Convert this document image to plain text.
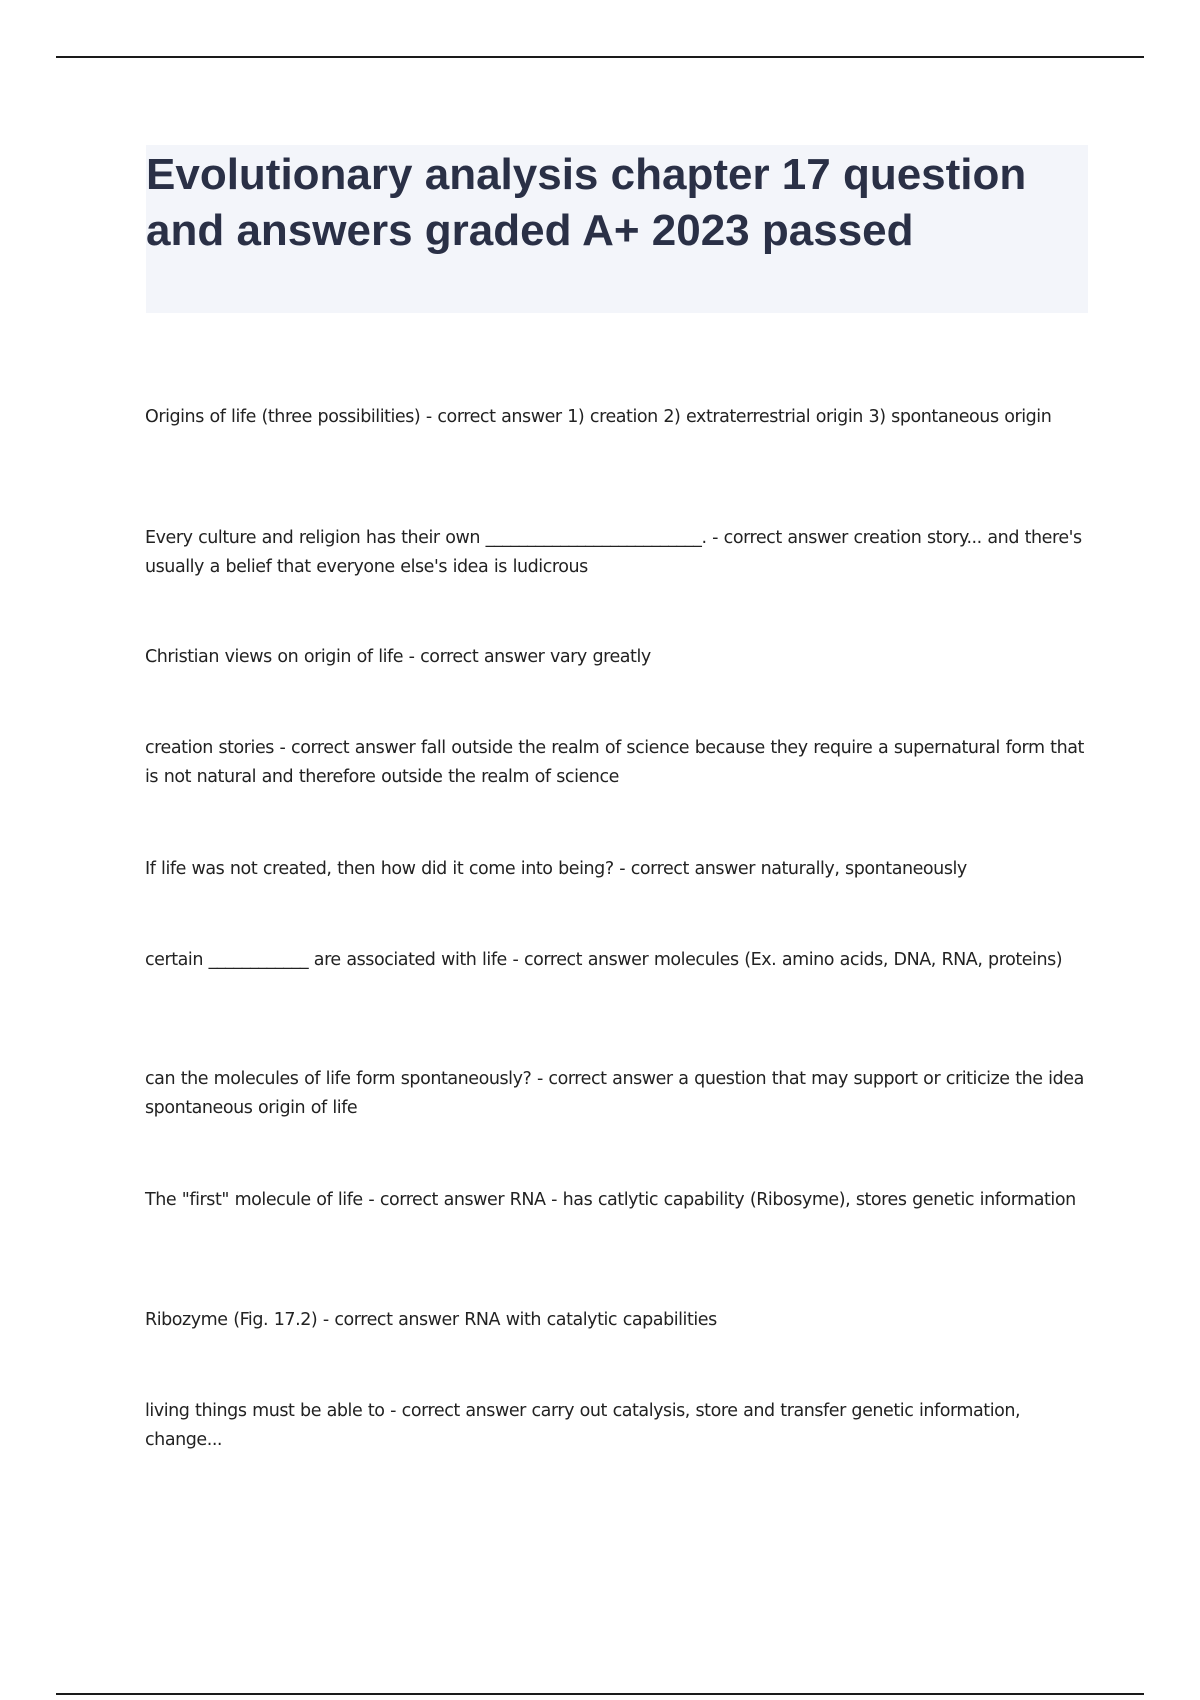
Evolutionary analysis chapter 17 question and answers graded A+ 2023 passed
Origins of life (three possibilities) - correct answer 1) creation 2) extraterrestrial origin 3) spontaneous origin
Every culture and religion has their own __________________________. - correct answer creation story... and there's usually a belief that everyone else's idea is ludicrous
Christian views on origin of life - correct answer vary greatly
creation stories - correct answer fall outside the realm of science because they require a supernatural form that is not natural and therefore outside the realm of science
If life was not created, then how did it come into being? - correct answer naturally, spontaneously
certain ____________ are associated with life - correct answer molecules (Ex. amino acids, DNA, RNA, proteins)
can the molecules of life form spontaneously? - correct answer a question that may support or criticize the idea spontaneous origin of life
The "first" molecule of life - correct answer RNA - has catlytic capability (Ribosyme), stores genetic information
Ribozyme (Fig. 17.2) - correct answer RNA with catalytic capabilities
living things must be able to - correct answer carry out catalysis, store and transfer genetic information, change...
